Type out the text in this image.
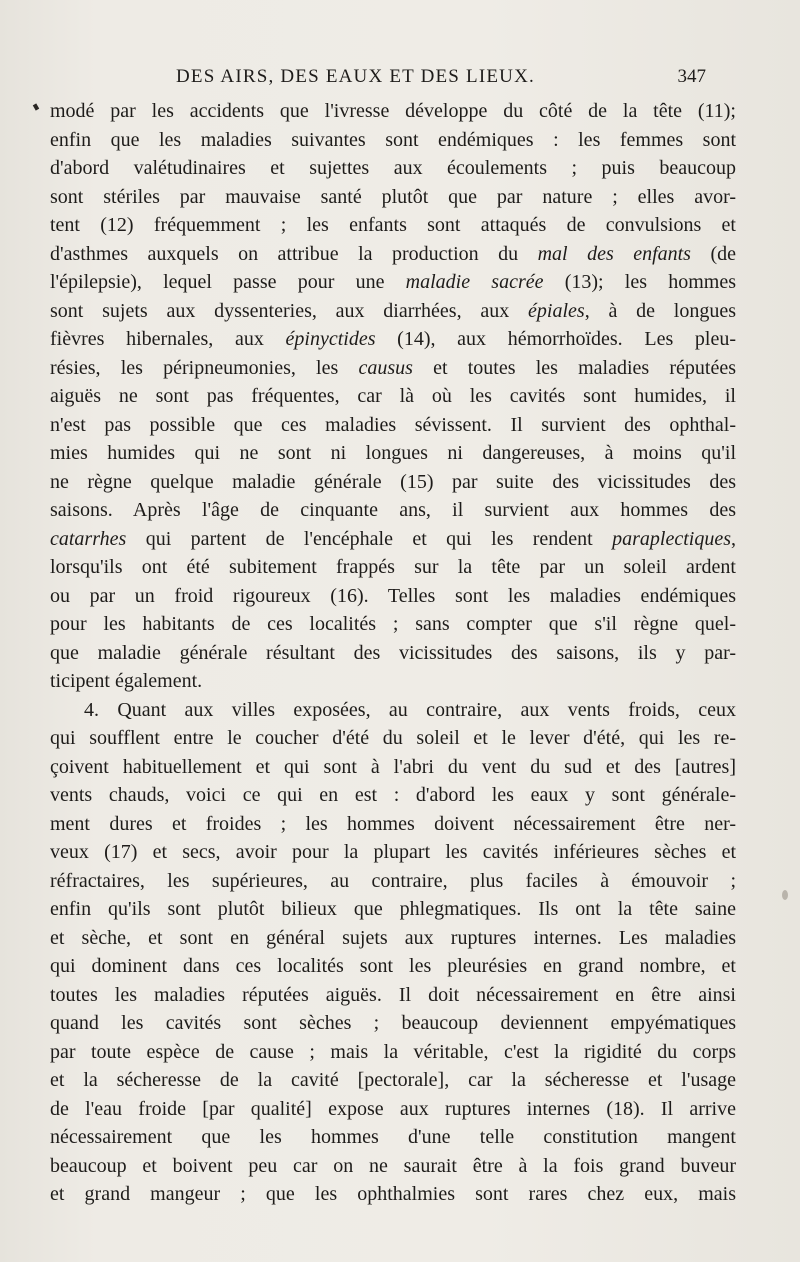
DES AIRS, DES EAUX ET DES LIEUX.	347
modé par les accidents que l'ivresse développe du côté de la tête (11);
enfin que les maladies suivantes sont endémiques : les femmes sont
d'abord valétudinaires et sujettes aux écoulements ; puis beaucoup
sont stériles par mauvaise santé plutôt que par nature ; elles avor-
tent (12) fréquemment ; les enfants sont attaqués de convulsions et
d'asthmes auxquels on attribue la production du mal des enfants (de
l'épilepsie), lequel passe pour une maladie sacrée (13); les hommes
sont sujets aux dyssenteries, aux diarrhées, aux épiales, à de longues
fièvres hibernales, aux épinyctides (14), aux hémorrhoïdes. Les pleu-
résies, les péripneumonies, les causus et toutes les maladies réputées
aiguës ne sont pas fréquentes, car là où les cavités sont humides, il
n'est pas possible que ces maladies sévissent. Il survient des ophthal-
mies humides qui ne sont ni longues ni dangereuses, à moins qu'il
ne règne quelque maladie générale (15) par suite des vicissitudes des
saisons. Après l'âge de cinquante ans, il survient aux hommes des
catarrhes qui partent de l'encéphale et qui les rendent paraplectiques,
lorsqu'ils ont été subitement frappés sur la tête par un soleil ardent
ou par un froid rigoureux (16). Telles sont les maladies endémiques
pour les habitants de ces localités ; sans compter que s'il règne quel-
que maladie générale résultant des vicissitudes des saisons, ils y par-
ticipent également.
4. Quant aux villes exposées, au contraire, aux vents froids, ceux
qui soufflent entre le coucher d'été du soleil et le lever d'été, qui les re-
çoivent habituellement et qui sont à l'abri du vent du sud et des [autres]
vents chauds, voici ce qui en est : d'abord les eaux y sont générale-
ment dures et froides ; les hommes doivent nécessairement être ner-
veux (17) et secs, avoir pour la plupart les cavités inférieures sèches et
réfractaires, les supérieures, au contraire, plus faciles à émouvoir ;
enfin qu'ils sont plutôt bilieux que phlegmatiques. Ils ont la tête saine
et sèche, et sont en général sujets aux ruptures internes. Les maladies
qui dominent dans ces localités sont les pleurésies en grand nombre, et
toutes les maladies réputées aiguës. Il doit nécessairement en être ainsi
quand les cavités sont sèches ; beaucoup deviennent empyématiques
par toute espèce de cause ; mais la véritable, c'est la rigidité du corps
et la sécheresse de la cavité [pectorale], car la sécheresse et l'usage
de l'eau froide [par qualité] expose aux ruptures internes (18). Il arrive
nécessairement que les hommes d'une telle constitution mangent
beaucoup et boivent peu car on ne saurait être à la fois grand buveur
et grand mangeur ; que les ophthalmies sont rares chez eux, mais
